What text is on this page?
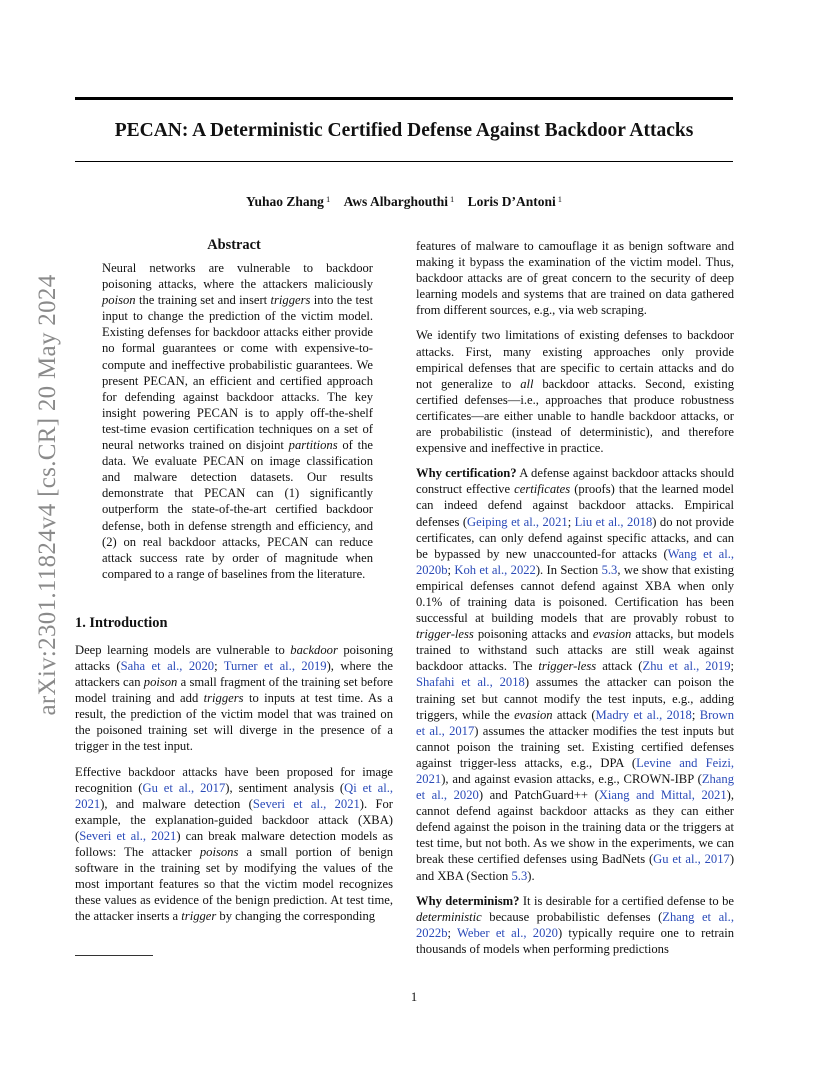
PECAN: A Deterministic Certified Defense Against Backdoor Attacks
Yuhao Zhang $^1$ Aws Albarghouthi $^1$ Loris D’Antoni $^1$
arXiv:2301.11824v4 [cs.CR] 20 May 2024
Abstract

Neural networks are vulnerable to backdoor poisoning attacks, where the attackers maliciously poison the training set and insert triggers into the test input to change the prediction of the victim model. Existing defenses for backdoor attacks either provide no formal guarantees or come with expensive-to-compute and ineffective probabilistic guarantees. We present PECAN, an efficient and certified approach for defending against backdoor attacks. The key insight powering PECAN is to apply off-the-shelf test-time evasion certification techniques on a set of neural networks trained on disjoint partitions of the data. We evaluate PECAN on image classification and malware detection datasets. Our results demonstrate that PECAN can (1) significantly outperform the state-of-the-art certified backdoor defense, both in defense strength and efficiency, and (2) on real backdoor attacks, PECAN can reduce attack success rate by order of magnitude when compared to a range of baselines from the literature.

1. Introduction

Deep learning models are vulnerable to backdoor poisoning attacks (Saha et al., 2020; Turner et al., 2019), where the attackers can poison a small fragment of the training set before model training and add triggers to inputs at test time. As a result, the prediction of the victim model that was trained on the poisoned training set will diverge in the presence of a trigger in the test input.

Effective backdoor attacks have been proposed for image recognition (Gu et al., 2017), sentiment analysis (Qi et al., 2021), and malware detection (Severi et al., 2021). For example, the explanation-guided backdoor attack (XBA) (Severi et al., 2021) can break malware detection models as follows: The attacker poisons a small portion of benign software in the training set by modifying the values of the most important features so that the victim model recognizes these values as evidence of the benign prediction. At test time, the attacker inserts a trigger by changing the corresponding

features of malware to camouflage it as benign software and making it bypass the examination of the victim model. Thus, backdoor attacks are of great concern to the security of deep learning models and systems that are trained on data gathered from different sources, e.g., via web scraping.

We identify two limitations of existing defenses to backdoor attacks. First, many existing approaches only provide empirical defenses that are specific to certain attacks and do not generalize to all backdoor attacks. Second, existing certified defenses—i.e., approaches that produce robustness certificates—are either unable to handle backdoor attacks, or are probabilistic (instead of deterministic), and therefore expensive and ineffective in practice.

Why certification? A defense against backdoor attacks should construct effective certificates (proofs) that the learned model can indeed defend against backdoor attacks. Empirical defenses (Geiping et al., 2021; Liu et al., 2018) do not provide certificates, can only defend against specific attacks, and can be bypassed by new unaccounted-for attacks (Wang et al., 2020b; Koh et al., 2022). In Section 5.3, we show that existing empirical defenses cannot defend against XBA when only 0.1% of training data is poisoned. Certification has been successful at building models that are provably robust to trigger-less poisoning attacks and evasion attacks, but models trained to withstand such attacks are still weak against backdoor attacks. The trigger-less attack (Zhu et al., 2019; Shafahi et al., 2018) assumes the attacker can poison the training set but cannot modify the test inputs, e.g., adding triggers, while the evasion attack (Madry et al., 2018; Brown et al., 2017) assumes the attacker modifies the test inputs but cannot poison the training set. Existing certified defenses against trigger-less attacks, e.g., DPA (Levine and Feizi, 2021), and against evasion attacks, e.g., CROWN-IBP (Zhang et al., 2020) and PatchGuard++ (Xiang and Mittal, 2021), cannot defend against backdoor attacks as they can either defend against the poison in the training data or the triggers at test time, but not both. As we show in the experiments, we can break these certified defenses using BadNets (Gu et al., 2017) and XBA (Section 5.3).

Why determinism? It is desirable for a certified defense to be deterministic because probabilistic defenses (Zhang et al., 2022b; Weber et al., 2020) typically require one to retrain thousands of models when performing predictions

1
